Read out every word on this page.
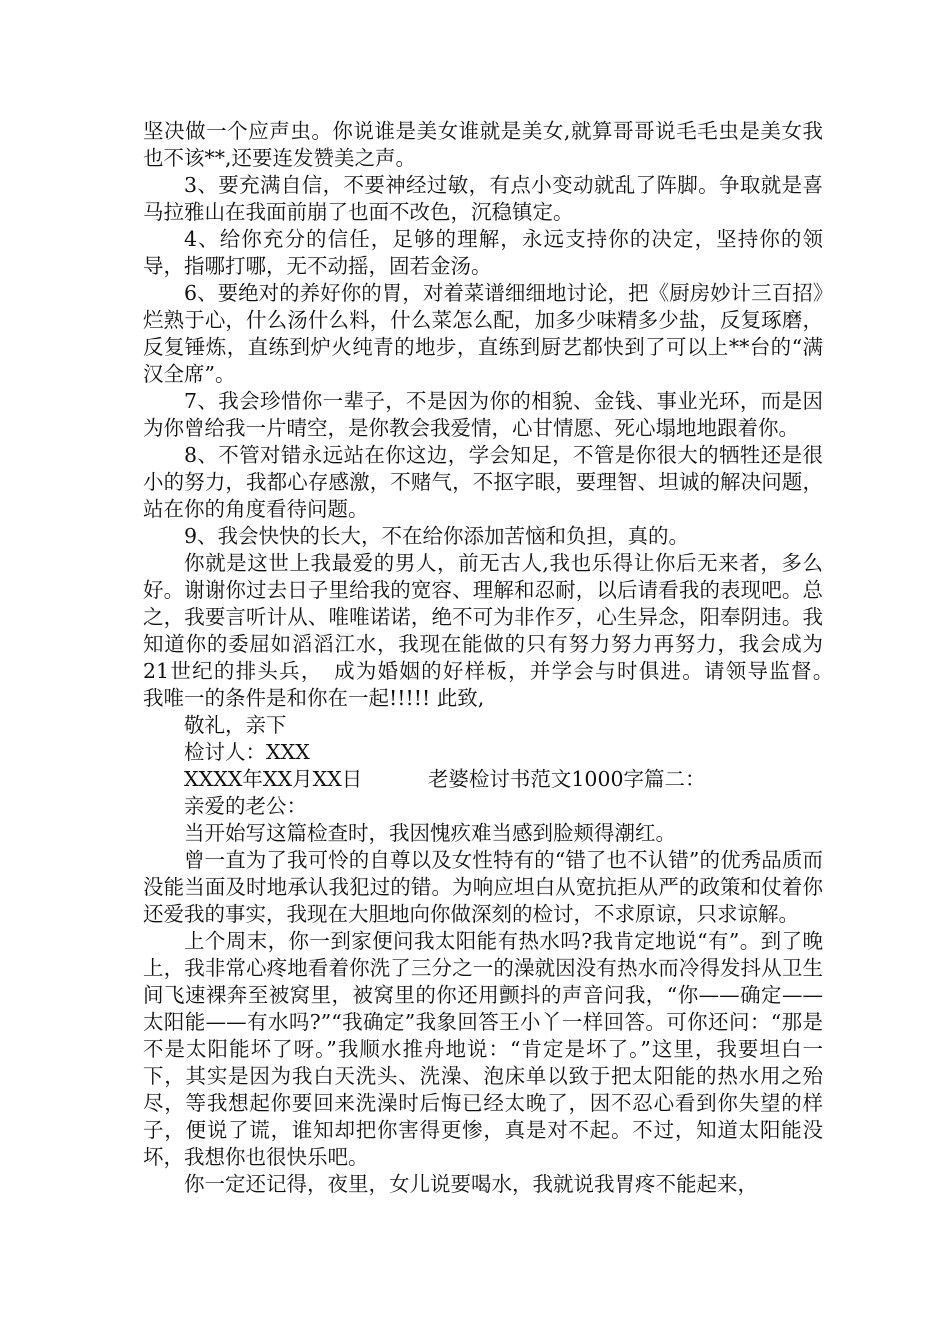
坚决做一个应声虫。你说谁是美女谁就是美女,就算哥哥说毛毛虫是美女我也不该**,还要连发赞美之声。

3、要充满自信，不要神经过敏，有点小变动就乱了阵脚。争取就是喜马拉雅山在我面前崩了也面不改色，沉稳镇定。

4、给你充分的信任，足够的理解，永远支持你的决定，坚持你的领导，指哪打哪，无不动摇，固若金汤。

6、要绝对的养好你的胃，对着菜谱细细地讨论，把《厨房妙计三百招》烂熟于心，什么汤什么料，什么菜怎么配，加多少味精多少盐，反复琢磨，反复锤炼，直练到炉火纯青的地步，直练到厨艺都快到了可以上**台的“满汉全席”。

7、我会珍惜你一辈子，不是因为你的相貌、金钱、事业光环，而是因为你曾给我一片晴空，是你教会我爱情，心甘情愿、死心塌地地跟着你。

8、不管对错永远站在你这边，学会知足，不管是你很大的牺牲还是很小的努力，我都心存感激，不赌气，不抠字眼，要理智、坦诚的解决问题，站在你的角度看待问题。

9、我会快快的长大，不在给你添加苦恼和负担，真的。

你就是这世上我最爱的男人，前无古人,我也乐得让你后无来者，多么好。谢谢你过去日子里给我的宽容、理解和忍耐，以后请看我的表现吧。总之，我要言听计从、唯唯诺诺，绝不可为非作歹，心生异念，阳奉阴违。我知道你的委屈如滔滔江水，我现在能做的只有努力努力再努力，我会成为21世纪的排头兵，　成为婚姻的好样板，并学会与时俱进。请领导监督。　我唯一的条件是和你在一起!!!!! 此致,

敬礼，亲下

检讨人：XXX

XXXX年XX月XX日	老婆检讨书范文1000字篇二：

亲爱的老公：

当开始写这篇检查时，我因愧疚难当感到脸颊得潮红。

曾一直为了我可怜的自尊以及女性特有的“错了也不认错”的优秀品质而没能当面及时地承认我犯过的错。为响应坦白从宽抗拒从严的政策和仗着你还爱我的事实，我现在大胆地向你做深刻的检讨，不求原谅，只求谅解。

上个周末，你一到家便问我太阳能有热水吗?我肯定地说“有”。到了晚上，我非常心疼地看着你洗了三分之一的澡就因没有热水而冷得发抖从卫生间飞速裸奔至被窝里，被窝里的你还用颤抖的声音问我，“你——确定——太阳能——有水吗?”“我确定”我象回答王小丫一样回答。可你还问：“那是不是太阳能坏了呀。”我顺水推舟地说：“肯定是坏了。”这里，我要坦白一下，其实是因为我白天洗头、洗澡、泡床单以致于把太阳能的热水用之殆尽，等我想起你要回来洗澡时后悔已经太晚了，因不忍心看到你失望的样子，便说了谎，谁知却把你害得更惨，真是对不起。不过，知道太阳能没坏，我想你也很快乐吧。

你一定还记得，夜里，女儿说要喝水，我就说我胃疼不能起来，
